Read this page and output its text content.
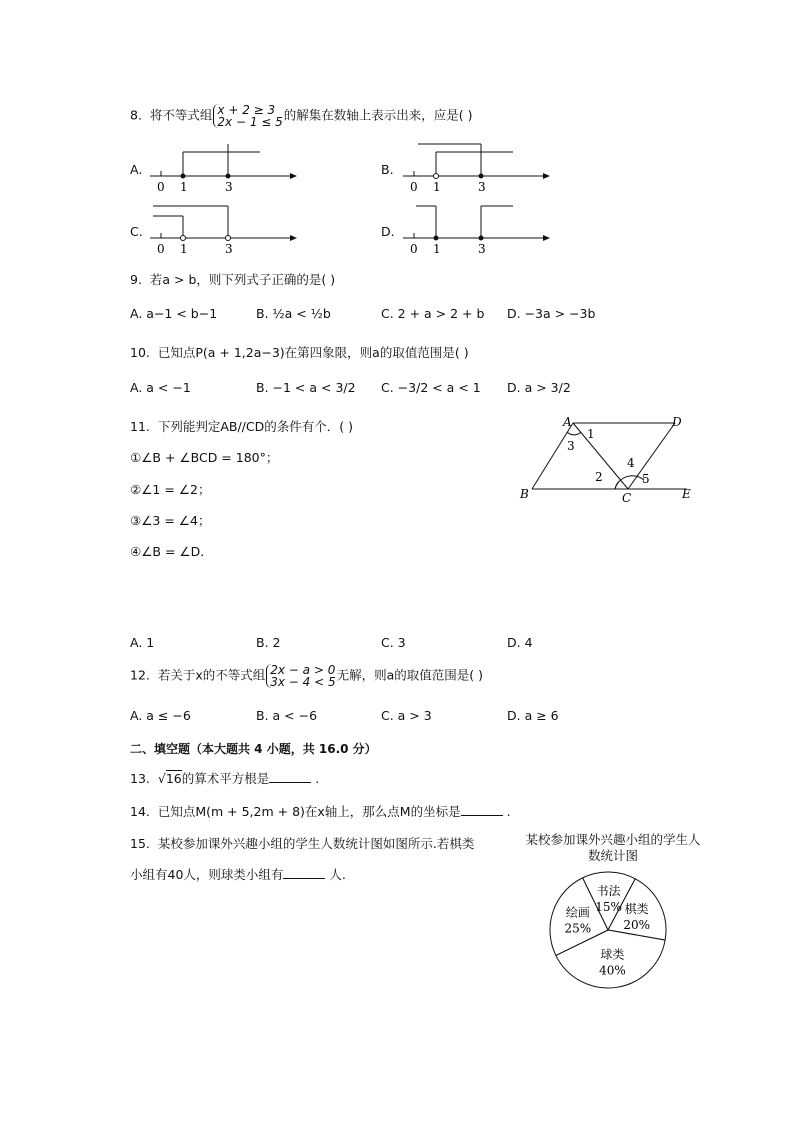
8. 将不等式组 x + 2 ≥ 3
2x − 1 ≤ 5的解集在数轴上表示出来，应是( )
A.
0 1	3
B.
0 1	3
C.
0 1	3
D.
0 1	3
9. 若a > b，则下列式子正确的是( )
A. a−1 < b−1	B. ½a < ½b	C. 2 + a > 2 + b D. −3a > −3b
10. 已知点P(a + 1,2a−3)在第四象限，则a的取值范围是( )
A. a < −1	B. −1 < a < 3/2 C. −3/2 < a < 1 D. a > 3/2
11. 下列能判定AB//CD的条件有个．( )
①∠B + ∠BCD = 180°；
②∠1 = ∠2；
③∠3 = ∠4；
④∠B = ∠D．
A	D
B	C	E
1
2
3
4
5
A. 1	B. 2	C. 3	D. 4
12. 若关于x的不等式组 2x − a > 0
3x − 4 < 5无解，则a的取值范围是( )
A. a ≤ −6	B. a < −6	C. a > 3	D. a ≥ 6
二、填空题（本大题共 4 小题，共 16.0 分）
13. √16的算术平方根是	.
14. 已知点M(m + 5,2m + 8)在x轴上，那么点M的坐标是	.
15. 某校参加课外兴趣小组的学生人数统计图如图所示.若棋类
小组有40人，则球类小组有	人.
某校参加课外兴趣小组的学生人数统计图
书法
15% 棋类
20%
球类
40%
绘画
25%
